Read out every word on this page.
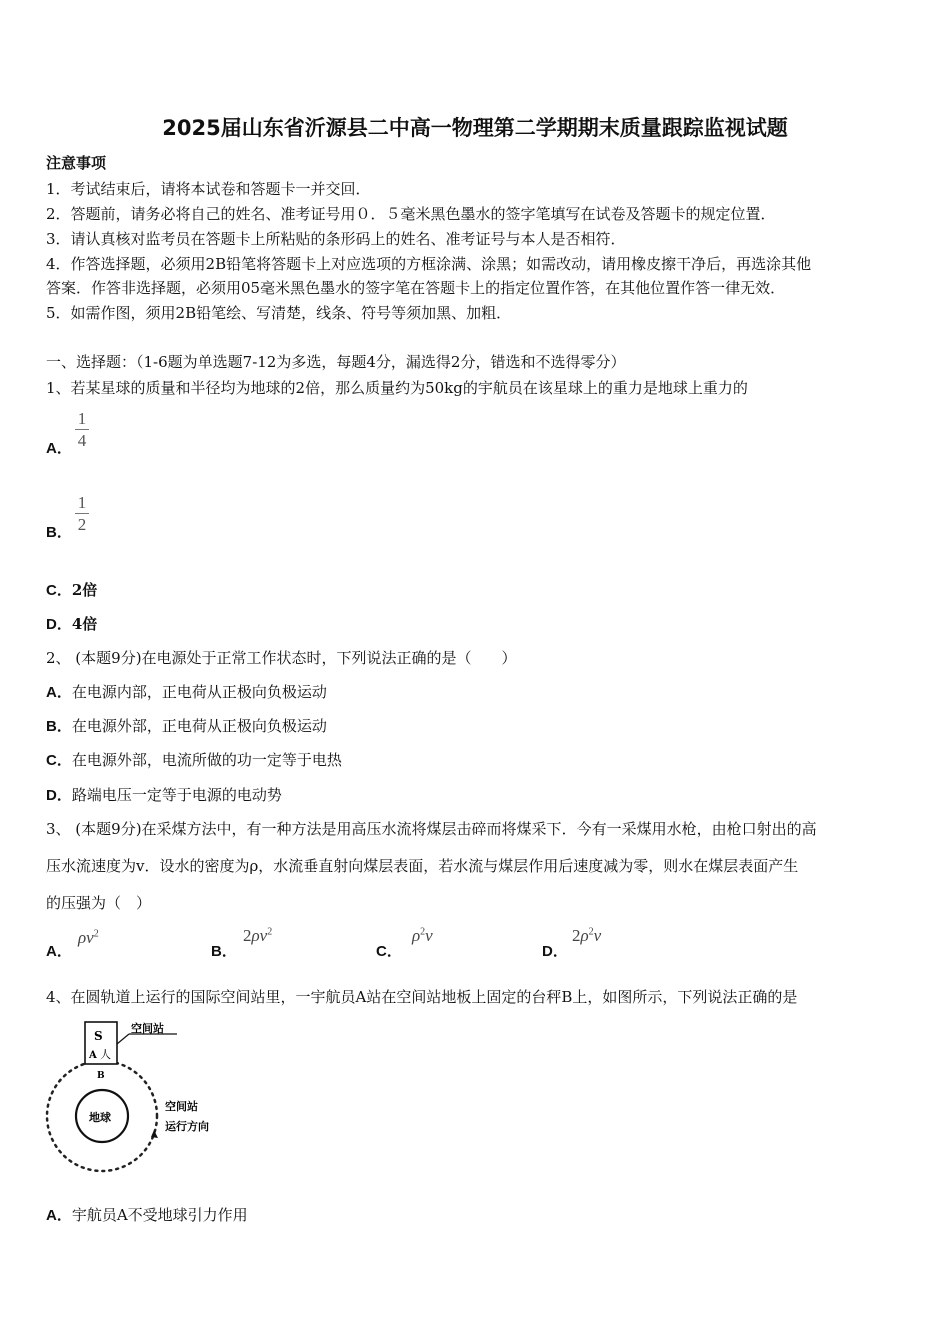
2025届山东省沂源县二中高一物理第二学期期末质量跟踪监视试题
注意事项
1．考试结束后，请将本试卷和答题卡一并交回．
2．答题前，请务必将自己的姓名、准考证号用０．５毫米黑色墨水的签字笔填写在试卷及答题卡的规定位置．
3．请认真核对监考员在答题卡上所粘贴的条形码上的姓名、准考证号与本人是否相符．
4．作答选择题，必须用2B铅笔将答题卡上对应选项的方框涂满、涂黑；如需改动，请用橡皮擦干净后，再选涂其他
答案．作答非选择题，必须用05毫米黑色墨水的签字笔在答题卡上的指定位置作答，在其他位置作答一律无效．
5．如需作图，须用2B铅笔绘、写清楚，线条、符号等须加黑、加粗．
一、选择题：（1-6题为单选题7-12为多选，每题4分，漏选得2分，错选和不选得零分）
1、若某星球的质量和半径均为地球的2倍，那么质量约为50kg的宇航员在该星球上的重力是地球上重力的
A．
1
4
B．
1
2
C．2倍
D．4倍
2、 (本题9分)在电源处于正常工作状态时，下列说法正确的是（　　）
A．在电源内部，正电荷从正极向负极运动
B．在电源外部，正电荷从正极向负极运动
C．在电源外部，电流所做的功一定等于电热
D．路端电压一定等于电源的电动势
3、 (本题9分)在采煤方法中，有一种方法是用高压水流将煤层击碎而将煤采下．今有一采煤用水枪，由枪口射出的高
压水流速度为v．设水的密度为ρ，水流垂直射向煤层表面，若水流与煤层作用后速度减为零，则水在煤层表面产生
的压强为（　）
A．
$\rho v^2$
B．
$2\rho v^2$
C．
$\rho^2v$
D．
$2\rho^2v$
4、在圆轨道上运行的国际空间站里，一宇航员A站在空间站地板上固定的台秤B上，如图所示，下列说法正确的是
S
A 人
B
空间站
地球
空间站
运行方向
A．宇航员A不受地球引力作用
